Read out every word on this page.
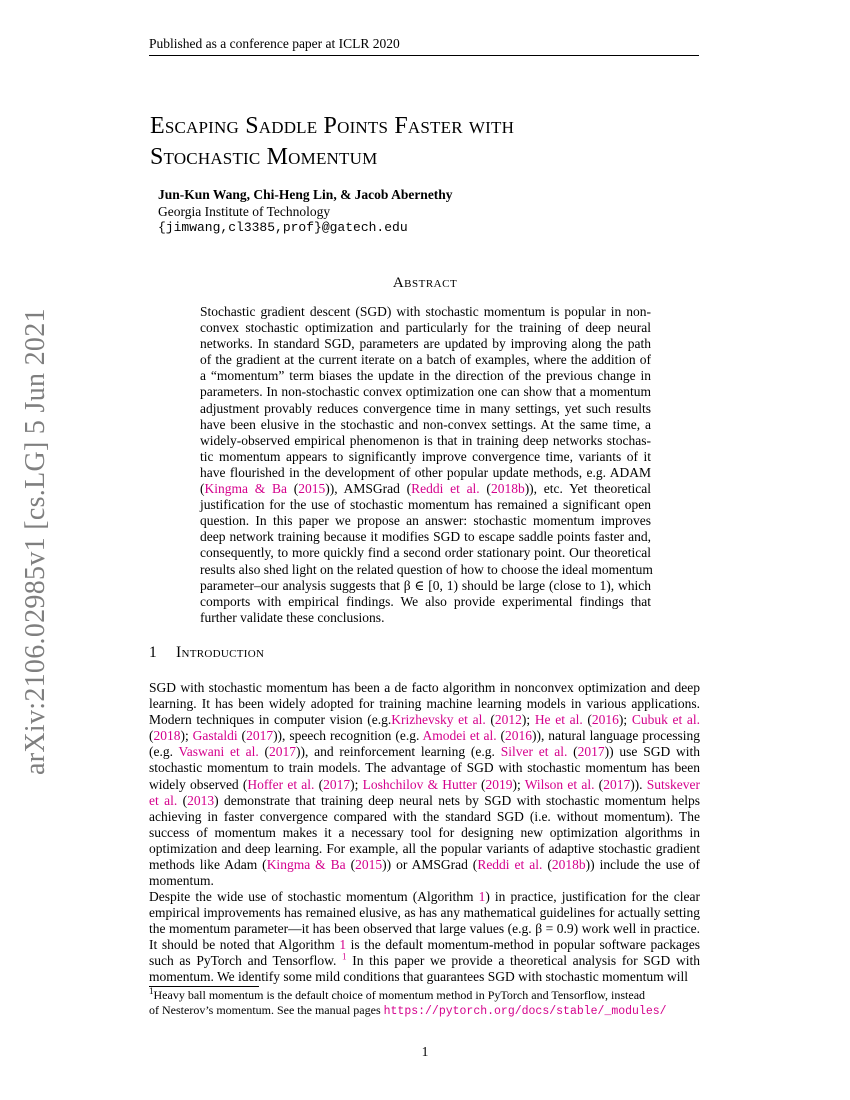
arXiv:2106.02985v1 [cs.LG] 5 Jun 2021
Published as a conference paper at ICLR 2020
Escaping Saddle Points Faster with
Stochastic Momentum
Jun-Kun Wang, Chi-Heng Lin, & Jacob Abernethy
Georgia Institute of Technology
{jimwang,cl3385,prof}@gatech.edu
Abstract
Stochastic gradient descent (SGD) with stochastic momentum is popular in non-
convex stochastic optimization and particularly for the training of deep neural
networks. In standard SGD, parameters are updated by improving along the path
of the gradient at the current iterate on a batch of examples, where the addition of
a “momentum” term biases the update in the direction of the previous change in
parameters. In non-stochastic convex optimization one can show that a momentum
adjustment provably reduces convergence time in many settings, yet such results
have been elusive in the stochastic and non-convex settings. At the same time, a
widely-observed empirical phenomenon is that in training deep networks stochas-
tic momentum appears to significantly improve convergence time, variants of it
have flourished in the development of other popular update methods, e.g. ADAM
(Kingma & Ba (2015)), AMSGrad (Reddi et al. (2018b)), etc. Yet theoretical
justification for the use of stochastic momentum has remained a significant open
question. In this paper we propose an answer: stochastic momentum improves
deep network training because it modifies SGD to escape saddle points faster and,
consequently, to more quickly find a second order stationary point. Our theoretical
results also shed light on the related question of how to choose the ideal momentum
parameter–our analysis suggests that β ∈ [0, 1) should be large (close to 1), which
comports with empirical findings. We also provide experimental findings that
further validate these conclusions.
1 Introduction
SGD with stochastic momentum has been a de facto algorithm in nonconvex optimization and deep
learning. It has been widely adopted for training machine learning models in various applications.
Modern techniques in computer vision (e.g.Krizhevsky et al. (2012); He et al. (2016); Cubuk et al.
(2018); Gastaldi (2017)), speech recognition (e.g. Amodei et al. (2016)), natural language processing
(e.g. Vaswani et al. (2017)), and reinforcement learning (e.g. Silver et al. (2017)) use SGD with
stochastic momentum to train models. The advantage of SGD with stochastic momentum has been
widely observed (Hoffer et al. (2017); Loshchilov & Hutter (2019); Wilson et al. (2017)). Sutskever
et al. (2013) demonstrate that training deep neural nets by SGD with stochastic momentum helps
achieving in faster convergence compared with the standard SGD (i.e. without momentum). The
success of momentum makes it a necessary tool for designing new optimization algorithms in
optimization and deep learning. For example, all the popular variants of adaptive stochastic gradient
methods like Adam (Kingma & Ba (2015)) or AMSGrad (Reddi et al. (2018b)) include the use of
momentum.
Despite the wide use of stochastic momentum (Algorithm 1) in practice, justification for the clear
empirical improvements has remained elusive, as has any mathematical guidelines for actually setting
the momentum parameter—it has been observed that large values (e.g. β = 0.9) work well in practice.
It should be noted that Algorithm 1 is the default momentum-method in popular software packages
such as PyTorch and Tensorflow. $^1$ In this paper we provide a theoretical analysis for SGD with
momentum. We identify some mild conditions that guarantees SGD with stochastic momentum will
$^1$Heavy ball momentum is the default choice of momentum method in PyTorch and Tensorflow, instead
of Nesterov’s momentum. See the manual pages https://pytorch.org/docs/stable/_modules/
1
